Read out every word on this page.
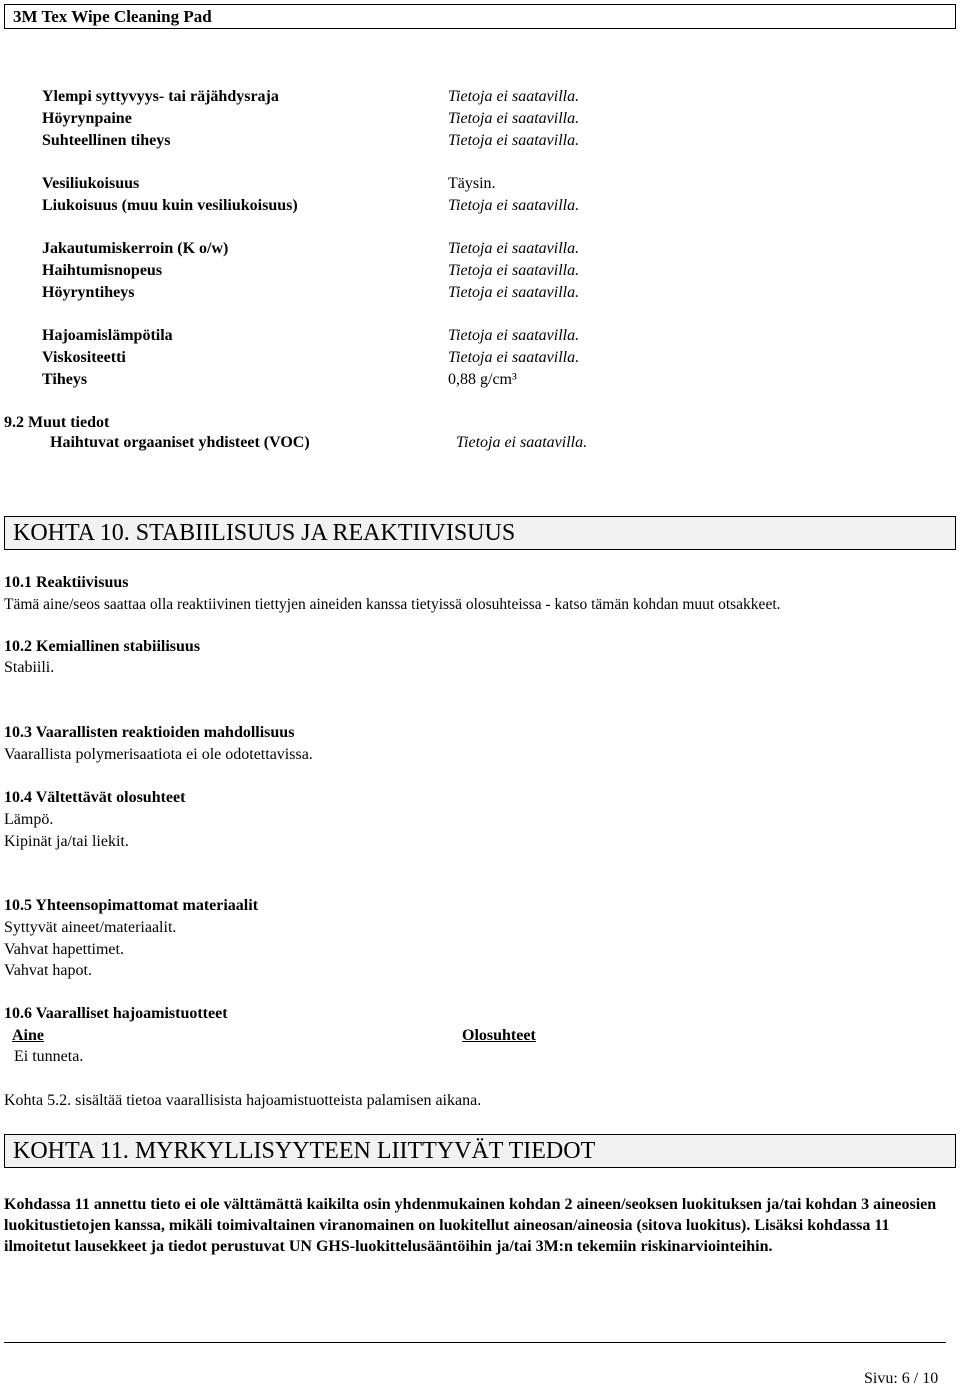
3M Tex Wipe Cleaning Pad
Ylempi syttyvyys- tai räjähdysraja	Tietoja ei saatavilla.
Höyrynpaine	Tietoja ei saatavilla.
Suhteellinen tiheys	Tietoja ei saatavilla.
Vesiliukoisuus	Täysin.
Liukoisuus (muu kuin vesiliukoisuus)	Tietoja ei saatavilla.
Jakautumiskerroin (K o/w)	Tietoja ei saatavilla.
Haihtumisnopeus	Tietoja ei saatavilla.
Höyryntiheys	Tietoja ei saatavilla.
Hajoamislämpötila	Tietoja ei saatavilla.
Viskositeetti	Tietoja ei saatavilla.
Tiheys	0,88 g/cm³
9.2 Muut tiedot
Haihtuvat orgaaniset yhdisteet (VOC)	Tietoja ei saatavilla.
KOHTA 10. STABIILISUUS JA REAKTIIVISUUS
10.1 Reaktiivisuus
Tämä aine/seos saattaa olla reaktiivinen tiettyjen aineiden kanssa tietyissä olosuhteissa - katso tämän kohdan muut otsakkeet.
10.2 Kemiallinen stabiilisuus
Stabiili.
10.3 Vaarallisten reaktioiden mahdollisuus
Vaarallista polymerisaatiota ei ole odotettavissa.
10.4 Vältettävät olosuhteet
Lämpö.
Kipinät ja/tai liekit.
10.5 Yhteensopimattomat materiaalit
Syttyvät aineet/materiaalit.
Vahvat hapettimet.
Vahvat hapot.
10.6 Vaaralliset hajoamistuotteet
Aine	Olosuhteet
Ei tunneta.
Kohta 5.2. sisältää tietoa vaarallisista hajoamistuotteista palamisen aikana.
KOHTA 11. MYRKYLLISYYTEEN LIITTYVÄT TIEDOT
Kohdassa 11 annettu tieto ei ole välttämättä kaikilta osin yhdenmukainen kohdan 2 aineen/seoksen luokituksen ja/tai kohdan 3 aineosien luokitustietojen kanssa, mikäli toimivaltainen viranomainen on luokitellut aineosan/aineosia (sitova luokitus). Lisäksi kohdassa 11 ilmoitetut lausekkeet ja tiedot perustuvat UN GHS-luokittelusääntöihin ja/tai 3M:n tekemiin riskinarviointeihin.
Sivu: 6 / 10
